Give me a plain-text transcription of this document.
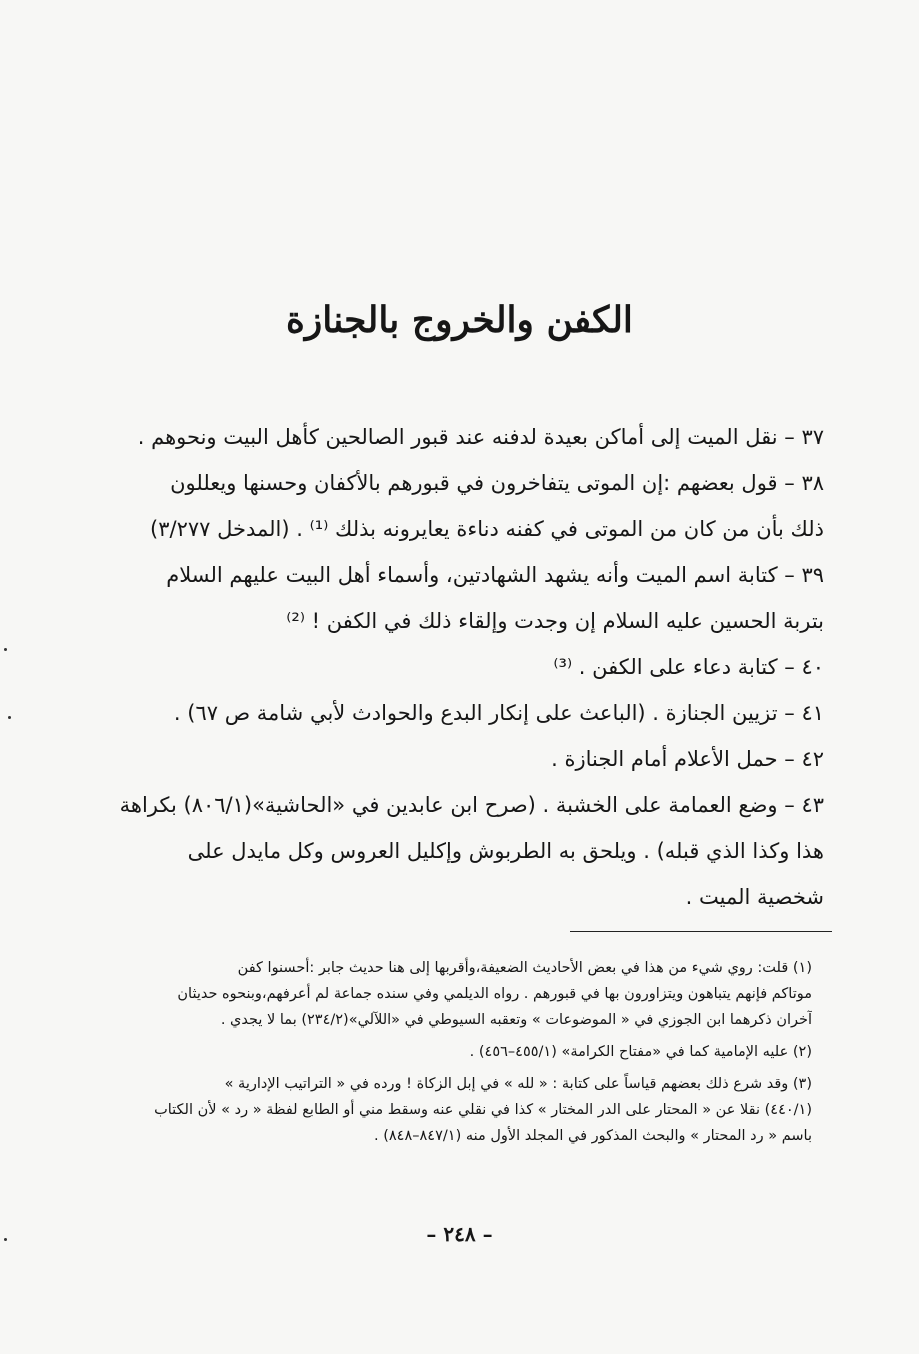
الكفن والخروج بالجنازة
٣٧ – نقل الميت إلى أماكن بعيدة لدفنه عند قبور الصالحين كأهل البيت ونحوهم .
٣٨ – قول بعضهم :إن الموتى يتفاخرون في قبورهم بالأكفان وحسنها ويعللون
ذلك بأن من كان من الموتى في كفنه دناءة يعايرونه بذلك ⁽¹⁾ . (المدخل ٣/٢٧٧)
٣٩ – كتابة اسم الميت وأنه يشهد الشهادتين، وأسماء أهل البيت عليهم السلام
بتربة الحسين عليه السلام إن وجدت وإلقاء ذلك في الكفن ! ⁽²⁾
٤٠ – كتابة دعاء على الكفن . ⁽³⁾
٤١ – تزيين الجنازة . (الباعث على إنكار البدع والحوادث لأبي شامة ص ٦٧) .
٤٢ – حمل الأعلام أمام الجنازة .
٤٣ – وضع العمامة على الخشبة . (صرح ابن عابدين في «الحاشية»(٨٠٦/١) بكراهة
هذا وكذا الذي قبله) . ويلحق به الطربوش وإكليل العروس وكل مايدل على
شخصية الميت .
(١) قلت: روي شيء من هذا في بعض الأحاديث الضعيفة،وأقربها إلى هنا حديث جابر :أحسنوا كفن
موتاكم فإنهم يتباهون ويتزاورون بها في قبورهم . رواه الديلمي وفي سنده جماعة لم أعرفهم،وبنحوه حديثان
آخران ذكرهما ابن الجوزي في « الموضوعات » وتعقبه السيوطي في «اللآلي»(٢٣٤/٢) بما لا يجدي .
(٢) عليه الإمامية كما في «مفتاح الكرامة» (٤٥٥/١–٤٥٦) .
(٣) وقد شرع ذلك بعضهم قياساً على كتابة : « لله » في إبل الزكاة ! ورده في « التراتيب الإدارية »
(٤٤٠/١) نقلا عن « المحتار على الدر المختار » كذا في نقلي عنه وسقط مني أو الطابع لفظة « رد » لأن الكتاب
باسم « رد المحتار » والبحث المذكور في المجلد الأول منه (٨٤٧/١–٨٤٨) .
– ٢٤٨ –
